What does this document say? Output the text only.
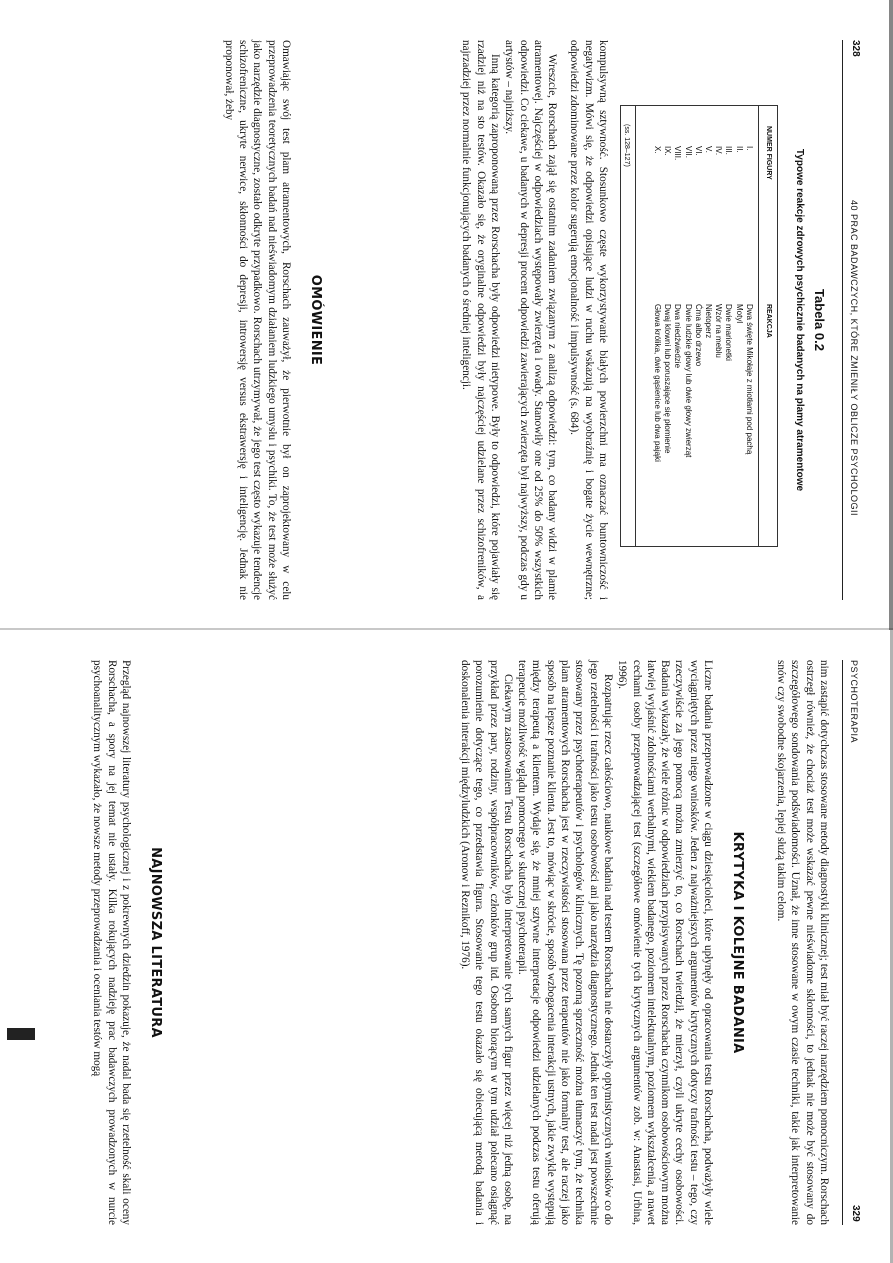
328
40 PRAC BADAWCZYCH, KTÓRE ZMIENIŁY OBLICZE PSYCHOLOGII
Tabela 0.2
Typowe reakcje zdrowych psychicznie badanych na plamy atramentowe
NUMER FIGURY	REAKCJA
I.	Dwa święte Mikołaje z miotłami pod pachą
II.	Motyl
III.	Dwie marionetki
IV.	Wzór na meblu
V.	Nietoperz
VI.	Ćma albo drzewo
VII.	Dwie ludzkie głowy lub dwie głowy zwierząt
VIII.	Dwa niedźwiedzie
IX.	Dwaj klowni lub poruszające się płomienie
X.	Głowa królika, dwie gąsienice lub dwa pająki
(ss. 128–127)

kompulsywną sztywność. Stosunkowo częste wykorzystywanie białych powierzchni ma oznaczać buntowniczość i negatywizm. Mówi się, że odpowiedzi opisujące ludzi w ruchu wskazują na wyobraźnię i bogate życie wewnętrzne; odpowiedzi zdominowane przez kolor sugerują emocjonalność i impulsywność (s. 684).

Wreszcie, Rorschach zajął się ostatnim zadaniem związanym z analizą odpowiedzi: tym, co badany widzi w plamie atramentowej. Najczęściej w odpowiedziach występowały zwierzęta i owady. Stanowiły one od 25% do 50% wszystkich odpowiedzi. Co ciekawe, u badanych w depresji procent odpowiedzi zawierających zwierzęta był najwyższy, podczas gdy u artystów – najniższy.

Inną kategorią zaproponowaną przez Rorschacha były odpowiedzi nietypowe. Były to odpowiedzi, które pojawiały się rzadziej niż na sto testów. Okazało się, że oryginalne odpowiedzi były najczęściej udzielane przez schizofreników, a najrzadziej przez normalnie funkcjonujących badanych o średniej inteligencji.

OMÓWIENIE

Omawiając swój test plam atramentowych, Rorschach zauważył, że pierwotnie był on zaprojektowany w celu przeprowadzenia teoretycznych badań nad nieświadomym działaniem ludzkiego umysłu i psychiki. To, że test może służyć jako narzędzie diagnostyczne, zostało odkryte przypadkowo. Rorschach utrzymywał, że jego test często wykazuje tendencje schizofreniczne, ukryte nerwice, skłonności do depresji, introwersję versus ekstrawersję i inteligencję. Jednak nie proponował, żeby

PSYCHOTERAPIA
329

nim zastąpić dotychczas stosowane metody diagnostyki klinicznej; test miał być raczej narzędziem pomocniczym. Rorschach ostrzegł również, że chociaż test może wskazać pewne nieświadome skłonności, to jednak nie może być stosowany do szczegółowego sondowania podświadomości. Uznał, że inne stosowane w owym czasie techniki, takie jak interpretowanie snów czy swobodne skojarzenia, lepiej służą takim celom.

KRYTYKA I KOLEJNE BADANIA

Liczne badania przeprowadzone w ciągu dziesięcioleci, które upłynęły od opracowania testu Rorschacha, podważyły wiele wyciągniętych przez niego wniosków. Jeden z najważniejszych argumentów krytycznych dotyczy trafności testu – tego, czy rzeczywiście za jego pomocą można zmierzyć to, co Rorschach twierdził, że mierzył, czyli ukryte cechy osobowości. Badania wykazały, że wiele różnic w odpowiedziach przypisywanych przez Rorschacha czynnikom osobowościowym można łatwiej wyjaśnić zdolnościami werbalnymi, wiekiem badanego, poziomem intelektualnym, poziomem wykształcenia, a nawet cechami osoby przeprowadzającej test (szczegółowe omówienie tych krytycznych argumentów zob. w: Anastasi, Urbina, 1996).

Rozpatrując rzecz całościowo, naukowe badania nad testem Rorschacha nie dostarczyły optymistycznych wniosków co do jego rzetelności i trafności jako testu osobowości ani jako narzędzia diagnostycznego. Jednak ten test nadal jest powszechnie stosowany przez psychoterapeutów i psychologów klinicznych. Tę pozorną sprzeczność można tłumaczyć tym, że technika plam atramentowych Rorschacha jest w rzeczywistości stosowana przez terapeutów nie jako formalny test, ale raczej jako sposób na lepsze poznanie klienta. Jest to, mówiąc w skrócie, sposób wzbogacenia interakcji ustnych, jakie zwykle występują między terapeutą a klientem. Wydaje się, że mniej sztywne interpretacje odpowiedzi udzielanych podczas testu oferują terapeucie możliwość wglądu pomocnego w skutecznej psychoterapii.

Ciekawym zastosowaniem Testu Rorschacha było interpretowanie tych samych figur przez więcej niż jedną osobę, na przykład przez pary, rodziny, współpracowników, członków grup itd. Osobom biorącym w tym udział polecano osiągnąć porozumienie dotyczące tego, co przedstawia figura. Stosowanie tego testu okazało się obiecującą metodą badania i doskonalenia interakcji międzyludzkich (Aronow i Reznikoff, 1976).

NAJNOWSZA LITERATURA

Przegląd najnowszej literatury psychologicznej i z pokrewnych dziedzin pokazuje, że nadal bada się rzetelność skali oceny Rorschacha, a spory na jej temat nie ustały. Kilka rokujących nadzieję prac badawczych prowadzonych w nurcie psychoanalitycznym wykazało, że nowsze metody przeprowadzania i oceniania testów mogą
